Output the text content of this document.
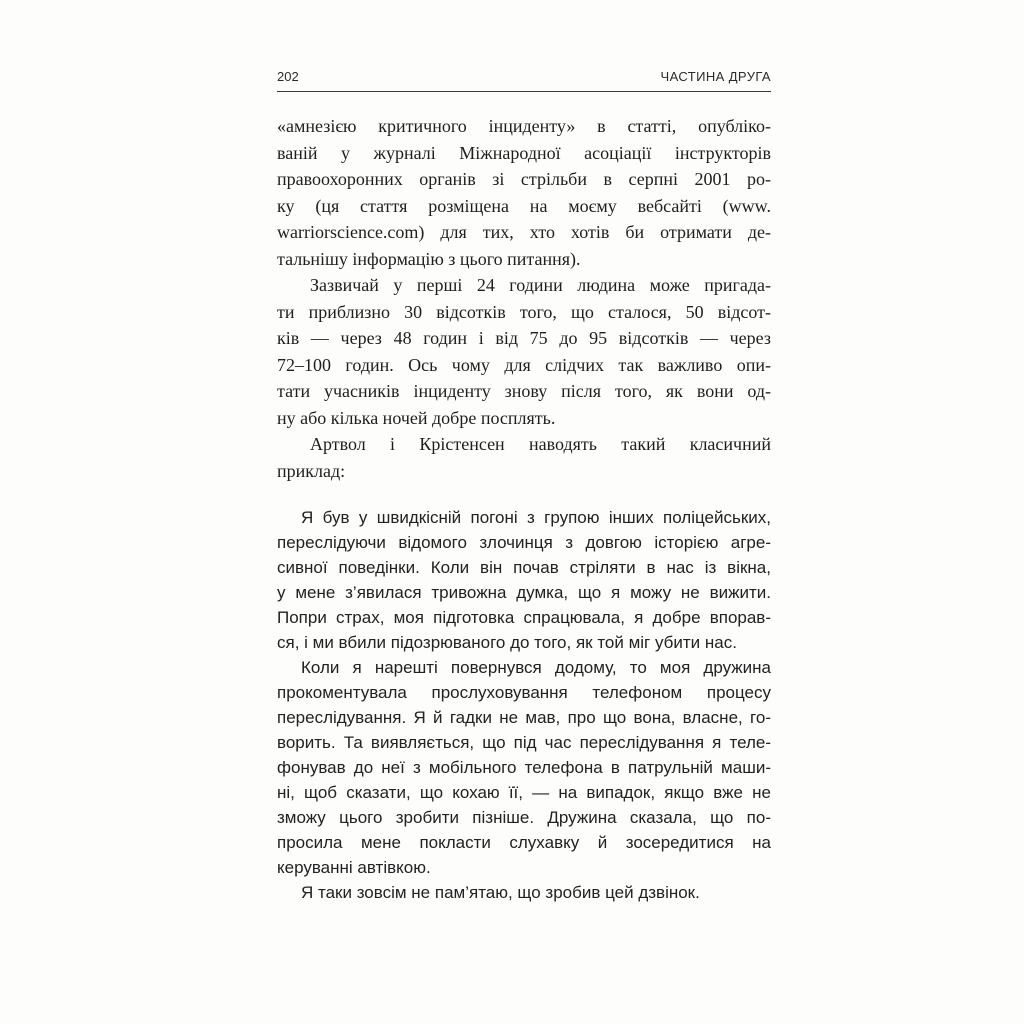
202	ЧАСТИНА ДРУГА
«амнезією критичного інциденту» в статті, опубліко-
ваній у журналі Міжнародної асоціації інструкторів
правоохоронних органів зі стрільби в серпні 2001 ро-
ку (ця стаття розміщена на моєму вебсайті (www.
warriorscience.com) для тих, хто хотів би отримати де-
тальнішу інформацію з цього питання).
Зазвичай у перші 24 години людина може пригада-
ти приблизно 30 відсотків того, що сталося, 50 відсот-
ків — через 48 годин і від 75 до 95 відсотків — через
72–100 годин. Ось чому для слідчих так важливо опи-
тати учасників інциденту знову після того, як вони од-
ну або кілька ночей добре посплять.
Артвол і Крістенсен наводять такий класичний
приклад:
Я був у швидкісній погоні з групою інших поліцейських,
переслідуючи відомого злочинця з довгою історією агре-
сивної поведінки. Коли він почав стріляти в нас із вікна,
у мене з’явилася тривожна думка, що я можу не вижити.
Попри страх, моя підготовка спрацювала, я добре впорав-
ся, і ми вбили підозрюваного до того, як той міг убити нас.
Коли я нарешті повернувся додому, то моя дружина
прокоментувала прослуховування телефоном процесу
переслідування. Я й гадки не мав, про що вона, власне, го-
ворить. Та виявляється, що під час переслідування я теле-
фонував до неї з мобільного телефона в патрульній маши-
ні, щоб сказати, що кохаю її, — на випадок, якщо вже не
зможу цього зробити пізніше. Дружина сказала, що по-
просила мене покласти слухавку й зосередитися на
керуванні автівкою.
Я таки зовсім не пам’ятаю, що зробив цей дзвінок.
